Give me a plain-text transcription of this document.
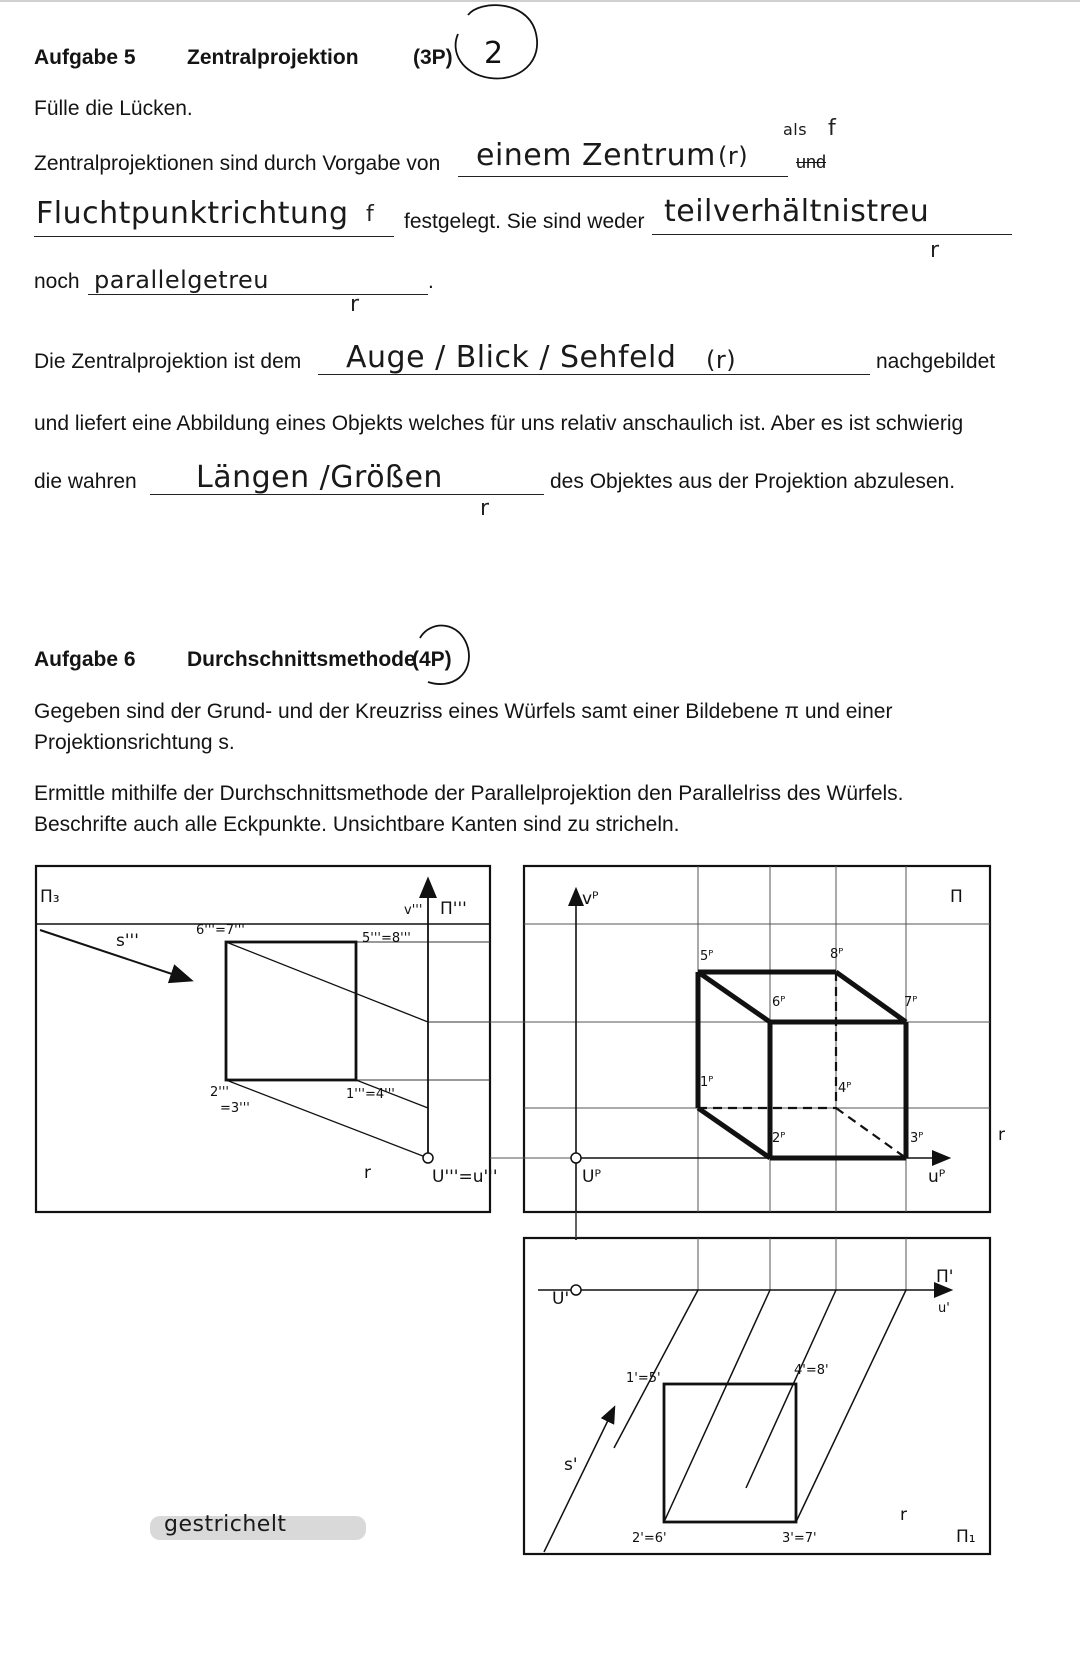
Aufgabe 5 Zentralprojektion	(3P) 2
Fülle die Lücken.
Zentralprojektionen sind durch Vorgabe von einem Zentrum (r)
als f
und
Fluchtpunktrichtung f festgelegt. Sie sind weder teilverhältnistreu
r
noch parallelgetreu	.
r
Die Zentralprojektion ist dem Auge / Blick / Sehfeld (r)	nachgebildet
und liefert eine Abbildung eines Objekts welches für uns relativ anschaulich ist. Aber es ist schwierig
die wahren Längen /Größen	des Objektes aus der Projektion abzulesen.
r
Aufgabe 6 Durchschnittsmethode
(4P)
Gegeben sind der Grund- und der Kreuzriss eines Würfels samt einer Bildebene π und einer
Projektionsrichtung s.
Ermittle mithilfe der Durchschnittsmethode der Parallelprojektion den Parallelriss des Würfels.
Beschrifte auch alle Eckpunkte. Unsichtbare Kanten sind zu stricheln.
Π₃
s'''
6'''=7'''
5'''=8'''
v''' Π'''
2'''
=3'''
1'''=4'''
U'''=u'''
r
Π
vᴾ
Uᴾ	uᴾ
5ᴾ	8ᴾ
6ᴾ	7ᴾ
1ᴾ	4ᴾ
2ᴾ	3ᴾ	r
U'
Π'
u'
s'
1'=5'
4'=8'
2'=6'	3'=7'	Π₁
r
gestrichelt
